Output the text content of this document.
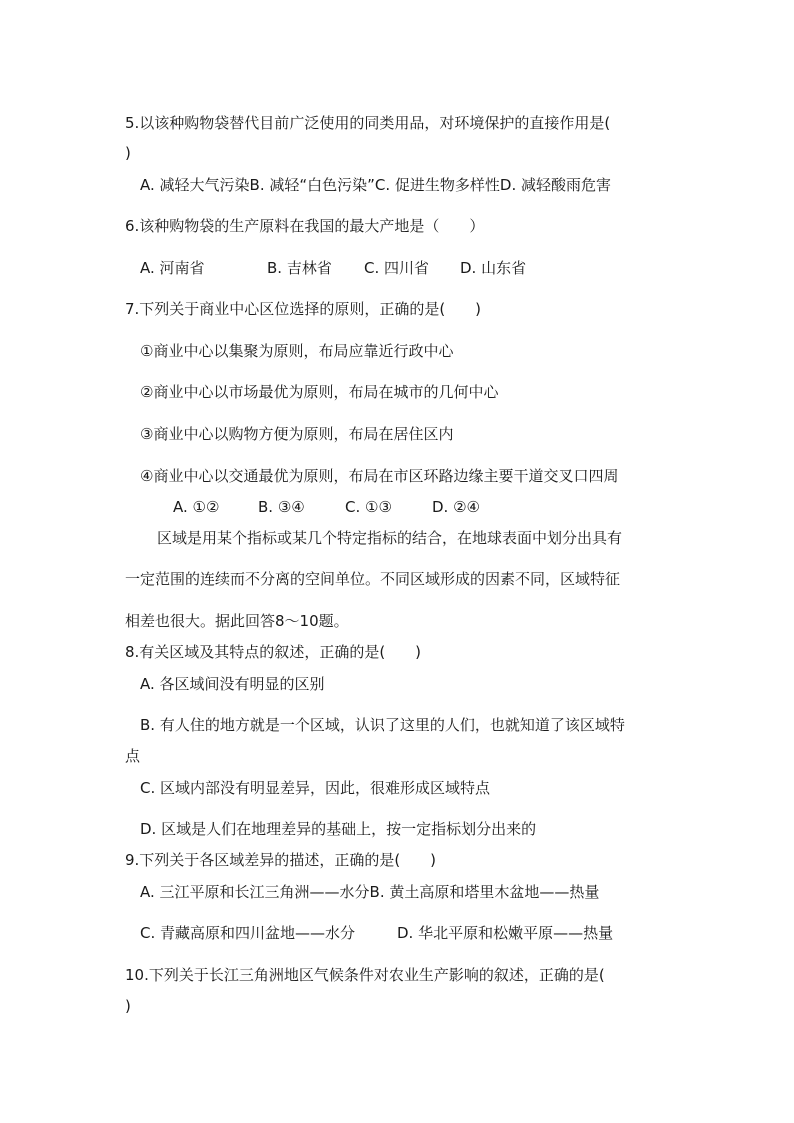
5.以该种购物袋替代目前广泛使用的同类用品，对环境保护的直接作用是(
)
A. 减轻大气污染B. 减轻“白色污染”C. 促进生物多样性D. 减轻酸雨危害
6.该种购物袋的生产原料在我国的最大产地是（　　）
A. 河南省	B. 吉林省 C. 四川省 D. 山东省
7.下列关于商业中心区位选择的原则，正确的是(　　)
①商业中心以集聚为原则，布局应靠近行政中心
②商业中心以市场最优为原则，布局在城市的几何中心
③商业中心以购物方便为原则，布局在居住区内
④商业中心以交通最优为原则，布局在市区环路边缘主要干道交叉口四周
A. ①②	B. ③④	C. ①③	D. ②④
区域是用某个指标或某几个特定指标的结合，在地球表面中划分出具有
一定范围的连续而不分离的空间单位。不同区域形成的因素不同，区域特征
相差也很大。据此回答8～10题。
8.有关区域及其特点的叙述，正确的是(　　)
A. 各区域间没有明显的区别
B. 有人住的地方就是一个区域，认识了这里的人们，也就知道了该区域特
点
C. 区域内部没有明显差异，因此，很难形成区域特点
D. 区域是人们在地理差异的基础上，按一定指标划分出来的
9.下列关于各区域差异的描述，正确的是(　　)
A. 三江平原和长江三角洲——水分B. 黄土高原和塔里木盆地——热量
C. 青藏高原和四川盆地——水分	D. 华北平原和松嫩平原——热量
10.下列关于长江三角洲地区气候条件对农业生产影响的叙述，正确的是(
)
